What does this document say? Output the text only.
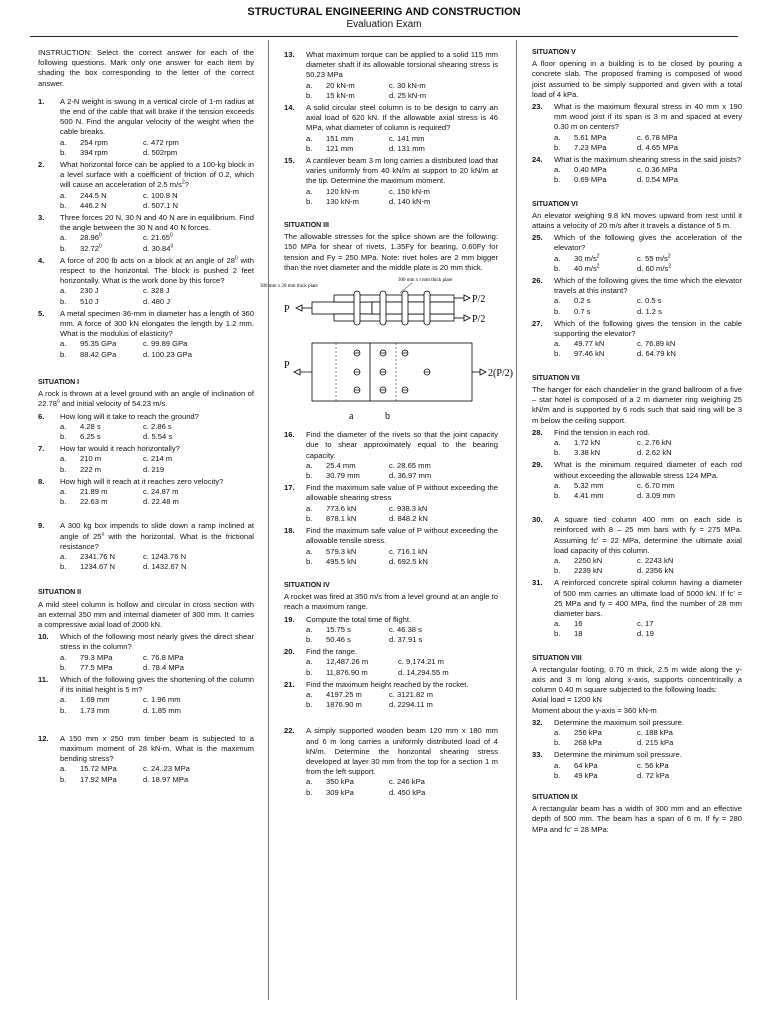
STRUCTURAL ENGINEERING AND CONSTRUCTION
Evaluation Exam
INSTRUCTION: Select the correct answer for each of the following questions. Mark only one answer for each item by shading the box corresponding to the letter of the correct answer.
1.	A 2-N weight is swung in a vertical circle of 1-m radius at the end of the cable that will brake if the tension exceeds 500 N. Find the angular velocity of the weight when the cable breaks.
a.	254 rpm	c. 472 rpm
b.	394 rpm	d. 502rpm
2.	What horizontal force can be applied to a 100-kg block in a level surface with a coefficient of friction of 0.2, which will cause an acceleration of 2.5 $m/s^2$?
a.	244.5 N	c. 100.8 N
b.	446.2 N	d. 507.1 N
3.	Three forces 20 N, 30 N and 40 N are in equilibrium. Find the angle between the 30 N and 40 N forces.
a.	28.96$^0$	c. 21.65$^0$
b.	32.72$^0$	d. 30.84$^0$
4.	A force of 200 lb acts on a block at an angle of $28^0$ with respect to the horizontal. The block is pushed 2 feet horizontally. What is the work done by this force?
a.	230 J	c. 328 J
b.	510 J	d. 480 J
5.	A metal specimen 36-mm in diameter has a length of 360 mm. A force of 300 kN elongates the length by 1.2 mm. What is the modulus of elasticity?
a.	95.35 GPa	c. 99.89 GPa
b.	88.42 GPa	d. 100.23 GPa
SITUATION I
A rock is thrown at a level ground with an angle of inclination of 22.78$^o$ and initial velocity of 54.23 m/s.
6.	How long will it take to reach the ground?
a.	4.28 s	c. 2.86 s
b.	6.25 s	d. 5.54 s
7.	How far would it reach horizontally?
a.	210 m	c. 214 m
b.	222 m	d. 219
8.	How high will it reach at it reaches zero velocity?
a.	21.89 m	c. 24.87 m
b.	22.63 m	d. 22.48 m
9.	A 300 kg box impends to slide down a ramp inclined at angle of 25$^o$ with the horizontal. What is the frictional resistance?
a.	2341.76 N	c. 1243.76 N
b.	1234.67 N	d. 1432.67 N
SITUATION II
A mild steel column is hollow and circular in cross section with an external 350 mm and internal diameter of 300 mm. It carries a compressive axial load of 2000 kN.
10.	Which of the following most nearly gives the direct shear stress in the column?
a.	79.3 MPa	c. 76.8 MPa
b.	77.5 MPa	d. 78.4 MPa
11.	Which of the following gives the shortening of the column if its initial height is 5 m?
a.	1.69 mm	c. 1.96 mm
b.	1.73 mm	d. 1.85 mm
12.	A 150 mm x 250 mm timber beam is subjected to a maximum moment of 28 kN-m. What is the maximum bending stress?
a.	15.72 MPa	c. 24..23 MPa
b.	17.92 MPa	d. 18.97 MPa
13.	What maximum torque can be applied to a solid 115 mm diameter shaft if its allowable torsional shearing stress is 50.23 MPa
a.	20 kN-m	c. 30 kN-m
b.	15 kN-m	d. 25 kN-m
14.	A solid circular steel column is to be design to carry an axial load of 620 kN. If the allowable axial stress is 46 MPa, what diameter of column is required?
a.	151 mm	c. 141 mm
b.	121 mm	d. 131 mm
15.	A cantilever beam 3 m long carries a distributed load that varies uniformly from 40 kN/m at support to 20 kN/m at the tip. Determine the maximum moment.
a.	120 kN-m	c. 150 kN-m
b.	130 kN-m	d. 140 kN-m
SITUATION III
The allowable stresses for the splice shown are the following: 150 MPa for shear of rivets, 1.35Fy for bearing, 0.60Fy for tension and Fy = 250 MPa. Note: rivet holes are 2 mm bigger than the rivet diameter and the middle plate is 20 mm thick.
300 mm x 20 mm thick plate
300 mm x t mm thick plate
P
P/2
P/2
P
2(P/2)
a	b
16.	Find the diameter of the rivets so that the joint capacity due to shear approximately equal to the bearing capacity.
a.	25.4 mm	c. 28.65 mm
b.	30.79 mm	d. 36.97 mm
17.	Find the maximum safe value of P without exceeding the allowable shearing stress
a.	773.6 kN	c. 938.3 kN
b.	878.1 kN	d. 848.2 kN
18.	Find the maximum safe value of P without exceeding the allowable tensile stress.
a.	579.3 kN	c. 716.1 kN
b.	495.5 kN	d. 692.5 kN
SITUATION IV
A rocket was fired at 350 m/s from a level ground at an angle to reach a maximum range.
19.	Compute the total time of flight.
a.	15.75 s	c. 46.38 s
b.	50.46 s	d. 37.91 s
20.	Find the range.
a.	12,487.26 m	c. 9,174.21 m
b.	11,876.90 m	d. 14,294.55 m
21.	Find the maximum height reached by the rocket.
a.	4197.25 m	c. 3121.82 m
b.	1876.90 m	d. 2294.11 m
22.	A simply supported wooden beam 120 mm x 180 mm and 6 m long carries a uniformly distributed load of 4 kN/m. Determine the horizontal shearing stress developed at layer 30 mm from the top for a section 1 m from the left support.
a.	350 kPa	c. 246 kPa
b.	309 kPa	d. 450 kPa
SITUATION V
A floor opening in a building is to be closed by pouring a concrete slab. The proposed framing is composed of wood joist assumed to be simply supported and given with a total load of 4 kPa.
23.	What is the maximum flexural stress in 40 mm x 190 mm wood joist if its span is 3 m and spaced at every 0.30 m on centers?
a.	5.61 MPa	c. 6.78 MPa
b.	7.23 MPa	d. 4.65 MPa
24.	What is the maximum shearing stress in the said joists?
a.	0.40 MPa	c. 0.36 MPa
b.	0.69 MPa	d. 0.54 MPa
SITUATION VI
An elevator weighing 9.8 kN moves upward from rest until it attains a velocity of 20 m/s after it travels a distance of 5 m.
25.	Which of the following gives the acceleration of the elevator?
a.	30 $m/s^2$	c. 55 $m/s^2$
b.	40 $m/s^2$	d. 60 $m/s^2$
26.	Which of the following gives the time which the elevator travels at this instant?
a.	0.2 s	c. 0.5 s
b.	0.7 s	d. 1.2 s
27.	Which of the following gives the tension in the cable supporting the elevator?
a.	49.77 kN	c. 76.89 kN
b.	97.46 kN	d. 64.79 kN
SITUATION VII
The hanger for each chandelier in the grand ballroom of a five – star hotel is composed of a 2 m diameter ring weighing 25 kN/m and is supported by 6 rods such that said ring will be 3 m below the ceiling support.
28.	Find the tension in each rod.
a.	1.72 kN	c. 2.76 kN
b.	3.38 kN	d. 2.62 kN
29.	What is the minimum required diameter of each rod without exceeding the allowable stress 124 MPa.
a.	5.32 mm	c. 6.70 mm
b.	4.41 mm	d. 3.09 mm
30.	A square tied column 400 mm on each side is reinforced with 8 – 25 mm bars with fy = 275 MPa. Assuming fc' = 22 MPa, determine the ultimate axial load capacity of this column.
a.	2250 kN	c. 2243 kN
b.	2239 kN	d. 2356 kN
31.	A reinforced concrete spiral column having a diameter of 500 mm carries an ultimate load of 5000 kN. If fc' = 25 MPa and fy = 400 MPa, find the number of 28 mm diameter bars.
a.	16	c. 17
b.	18	d. 19
SITUATION VIII
A rectangular footing, 0.70 m thick, 2.5 m wide along the y-axis and 3 m long along x-axis, supports concentrically a column 0.40 m square subjected to the following loads:
Axial load = 1200 kN
Moment about the y-axis = 360 kN-m
32.	Determine the maximum soil pressure.
a.	256 kPa	c. 188 kPa
b.	268 kPa	d. 215 kPa
33.	Determine the minimum soil pressure.
a.	64 kPa	c. 56 kPa
b.	49 kPa	d. 72 kPa
SITUATION IX
A rectangular beam has a width of 300 mm and an effective depth of 500 mm. The beam has a span of 6 m. If fy = 280 MPa and fc' = 28 MPa:
